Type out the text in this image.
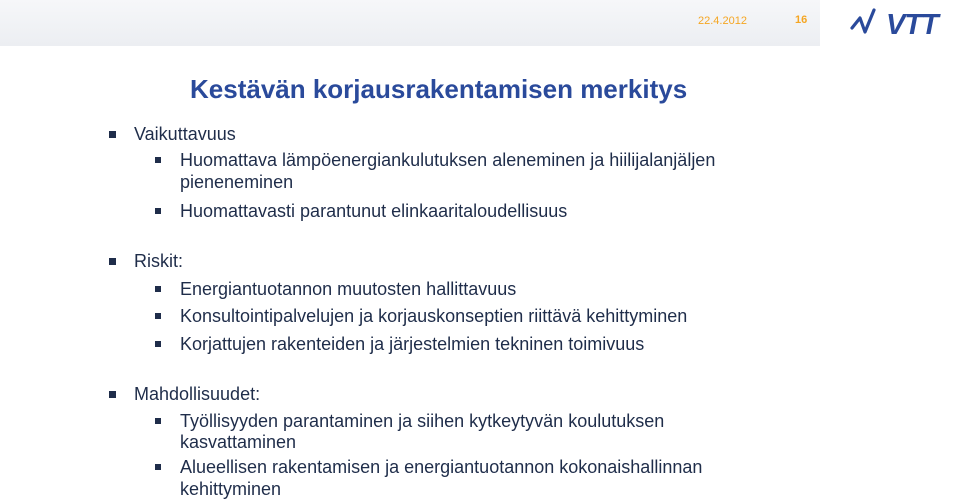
22.4.2012	16	VTT
Kestävän korjausrakentamisen merkitys
Vaikuttavuus
Huomattava lämpöenergiankulutuksen aleneminen ja hiilijalanjäljen
pieneneminen
Huomattavasti parantunut elinkaaritaloudellisuus
Riskit:
Energiantuotannon muutosten hallittavuus
Konsultointipalvelujen ja korjauskonseptien riittävä kehittyminen
Korjattujen rakenteiden ja järjestelmien tekninen toimivuus
Mahdollisuudet:
Työllisyyden parantaminen ja siihen kytkeytyvän koulutuksen
kasvattaminen
Alueellisen rakentamisen ja energiantuotannon kokonaishallinnan
kehittyminen
